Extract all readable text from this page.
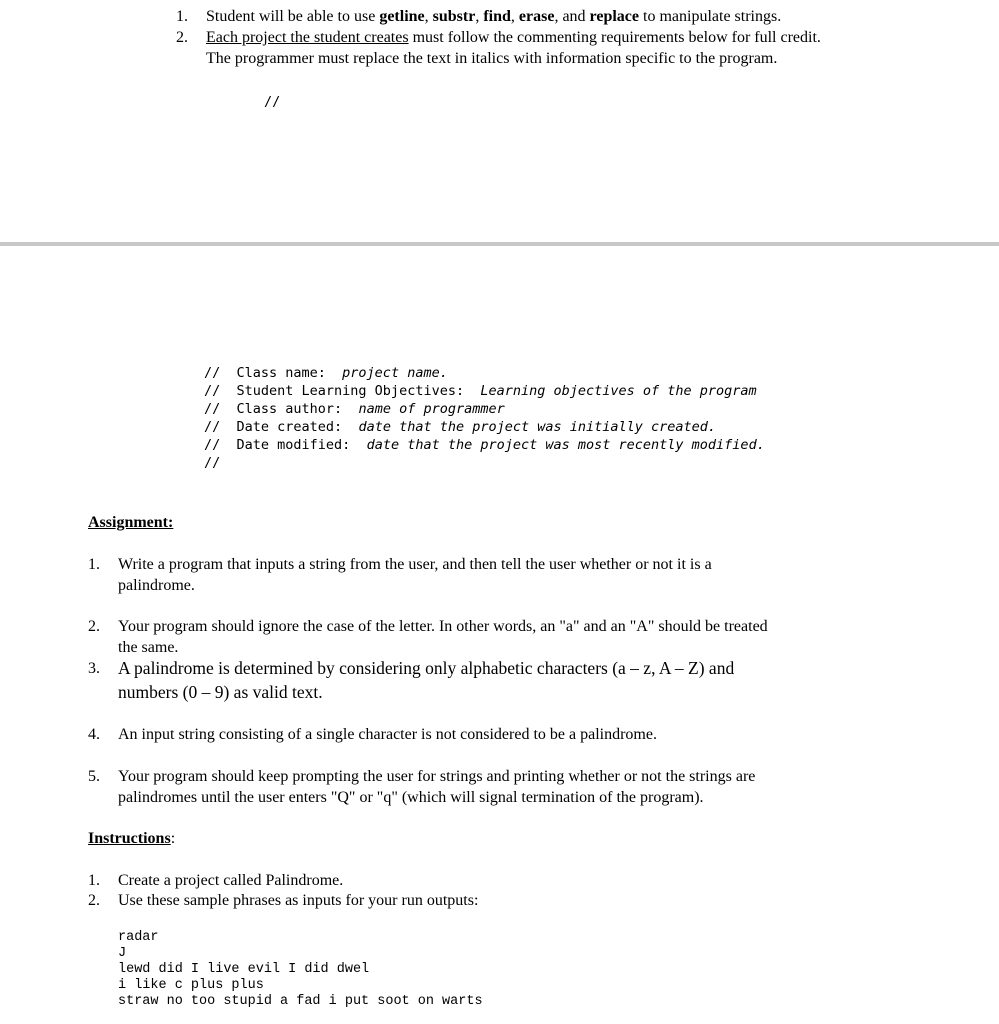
1. Student will be able to use getline, substr, find, erase, and replace to manipulate strings.
2. Each project the student creates must follow the commenting requirements below for full credit.
The programmer must replace the text in italics with information specific to the program.
//
//  Class name:  project name.
//  Student Learning Objectives:  Learning objectives of the program
//  Class author:  name of programmer
//  Date created:  date that the project was initially created.
//  Date modified:  date that the project was most recently modified.
//
Assignment:
1. Write a program that inputs a string from the user, and then tell the user whether or not it is a
palindrome.
2. Your program should ignore the case of the letter. In other words, an "a" and an "A" should be treated
the same.
3. A palindrome is determined by considering only alphabetic characters (a – z, A – Z) and
numbers (0 – 9) as valid text.
4. An input string consisting of a single character is not considered to be a palindrome.
5. Your program should keep prompting the user for strings and printing whether or not the strings are
palindromes until the user enters "Q" or "q" (which will signal termination of the program).
Instructions:
1. Create a project called Palindrome.
2. Use these sample phrases as inputs for your run outputs:
radar
J
lewd did I live evil I did dwel
i like c plus plus
straw no too stupid a fad i put soot on warts
